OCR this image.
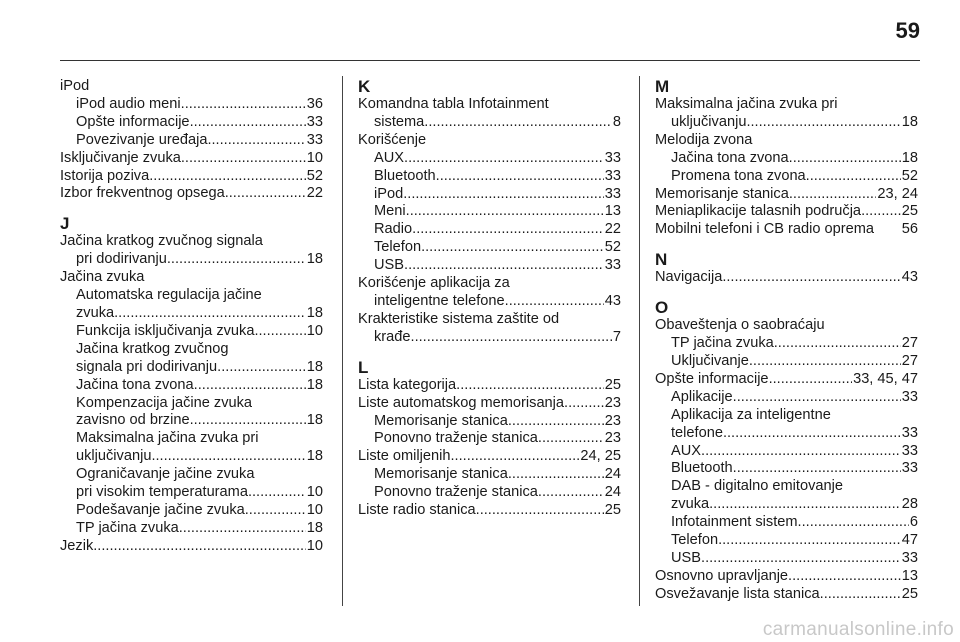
59
iPod
iPod audio meni .....	36
Opšte informacije .....	33
Povezivanje uređaja .....	33
Isključivanje zvuka .....	10
Istorija poziva .....	52
Izbor frekventnog opsega .....	22
J
Jačina kratkog zvučnog signala
pri dodirivanju .....	18
Jačina zvuka
Automatska regulacija jačine
zvuka .....	18
Funkcija isključivanja zvuka .....	10
Jačina kratkog zvučnog
signala pri dodirivanju .....	18
Jačina tona zvona .....	18
Kompenzacija jačine zvuka
zavisno od brzine .....	18
Maksimalna jačina zvuka pri
uključivanju .....	18
Ograničavanje jačine zvuka
pri visokim temperaturama .....	10
Podešavanje jačine zvuka .....	10
TP jačina zvuka .....	18
Jezik .....	10
K
Komandna tabla Infotainment
sistema .....	8
Korišćenje
AUX .....	33
Bluetooth .....	33
iPod .....	33
Meni .....	13
Radio .....	22
Telefon .....	52
USB .....	33
Korišćenje aplikacija za
inteligentne telefone .....	43
Krakteristike sistema zaštite od
krađe .....	7
L
Lista kategorija .....	25
Liste automatskog memorisanja .....	23
Memorisanje stanica .....	23
Ponovno traženje stanica .....	23
Liste omiljenih .....	24, 25
Memorisanje stanica .....	24
Ponovno traženje stanica .....	24
Liste radio stanica .....	25
M
Maksimalna jačina zvuka pri
uključivanju .....	18
Melodija zvona
Jačina tona zvona .....	18
Promena tona zvona .....	52
Memorisanje stanica .....	23, 24
Meniaplikacije talasnih područja .....	25
Mobilni telefoni i CB radio oprema 56
N
Navigacija .....	43
O
Obaveštenja o saobraćaju
TP jačina zvuka .....	27
Uključivanje .....	27
Opšte informacije .....	33, 45, 47
Aplikacije .....	33
Aplikacija za inteligentne
telefone .....	33
AUX .....	33
Bluetooth .....	33
DAB - digitalno emitovanje
zvuka .....	28
Infotainment sistem .....	6
Telefon .....	47
USB .....	33
Osnovno upravljanje .....	13
Osvežavanje lista stanica .....	25
carmanualsonline.info
